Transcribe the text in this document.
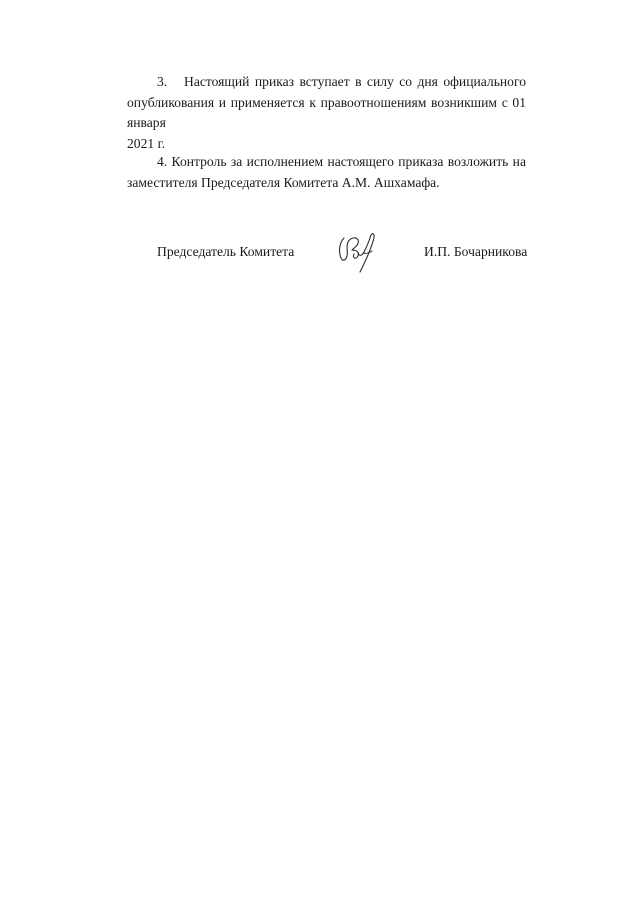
3. Настоящий приказ вступает в силу со дня официального
опубликования и применяется к правоотношениям возникшим с 01 января
2021 г.
4. Контроль за исполнением настоящего приказа возложить на
заместителя Председателя Комитета А.М. Ашхамафа.
Председатель Комитета	И.П. Бочарникова
